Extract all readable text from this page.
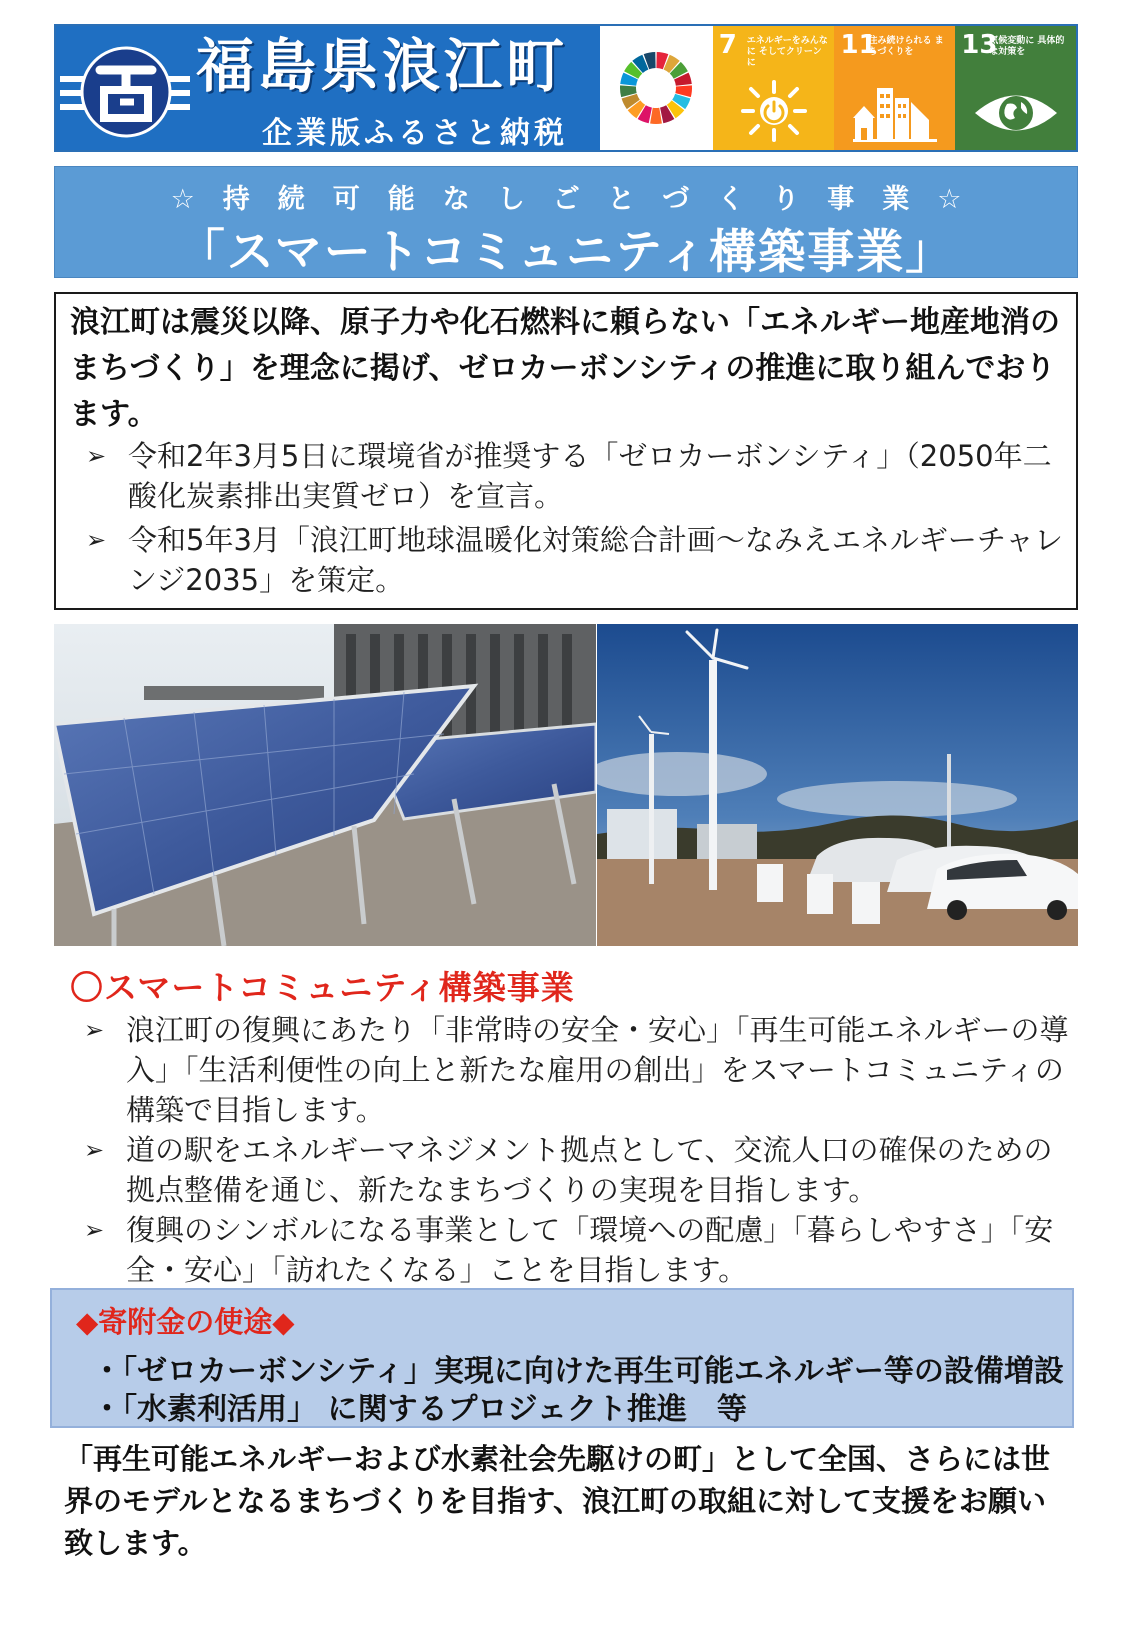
福島県浪江町
企業版ふるさと納税
7 エネルギーをみんなに そしてクリーンに
11
住み続けられる まちづくりを	13
気候変動に 具体的な対策を
☆持続可能なしごとづくり事業☆
「スマートコミュニティ構築事業」
浪江町は震災以降、原子力や化石燃料に頼らない「エネルギー地産地消のまちづくり」を理念に掲げ、ゼロカーボンシティの推進に取り組んでおります。
➢ 令和2年3月5日に環境省が推奨する「ゼロカーボンシティ」（2050年二酸化炭素排出実質ゼロ）を宣言。
➢ 令和5年3月「浪江町地球温暖化対策総合計画～なみえエネルギーチャレンジ2035」を策定。
〇スマートコミュニティ構築事業
➢ 浪江町の復興にあたり「非常時の安全・安心」「再生可能エネルギーの導入」「生活利便性の向上と新たな雇用の創出」をスマートコミュニティの構築で目指します。
➢ 道の駅をエネルギーマネジメント拠点として、交流人口の確保のための拠点整備を通じ、新たなまちづくりの実現を目指します。
➢ 復興のシンボルになる事業として「環境への配慮」「暮らしやすさ」「安全・安心」「訪れたくなる」ことを目指します。
◆寄附金の使途◆
・「ゼロカーボンシティ」実現に向けた再生可能エネルギー等の設備増設
・「水素利活用」 に関するプロジェクト推進　等
「再生可能エネルギーおよび水素社会先駆けの町」として全国、さらには世界のモデルとなるまちづくりを目指す、浪江町の取組に対して支援をお願い致します。
